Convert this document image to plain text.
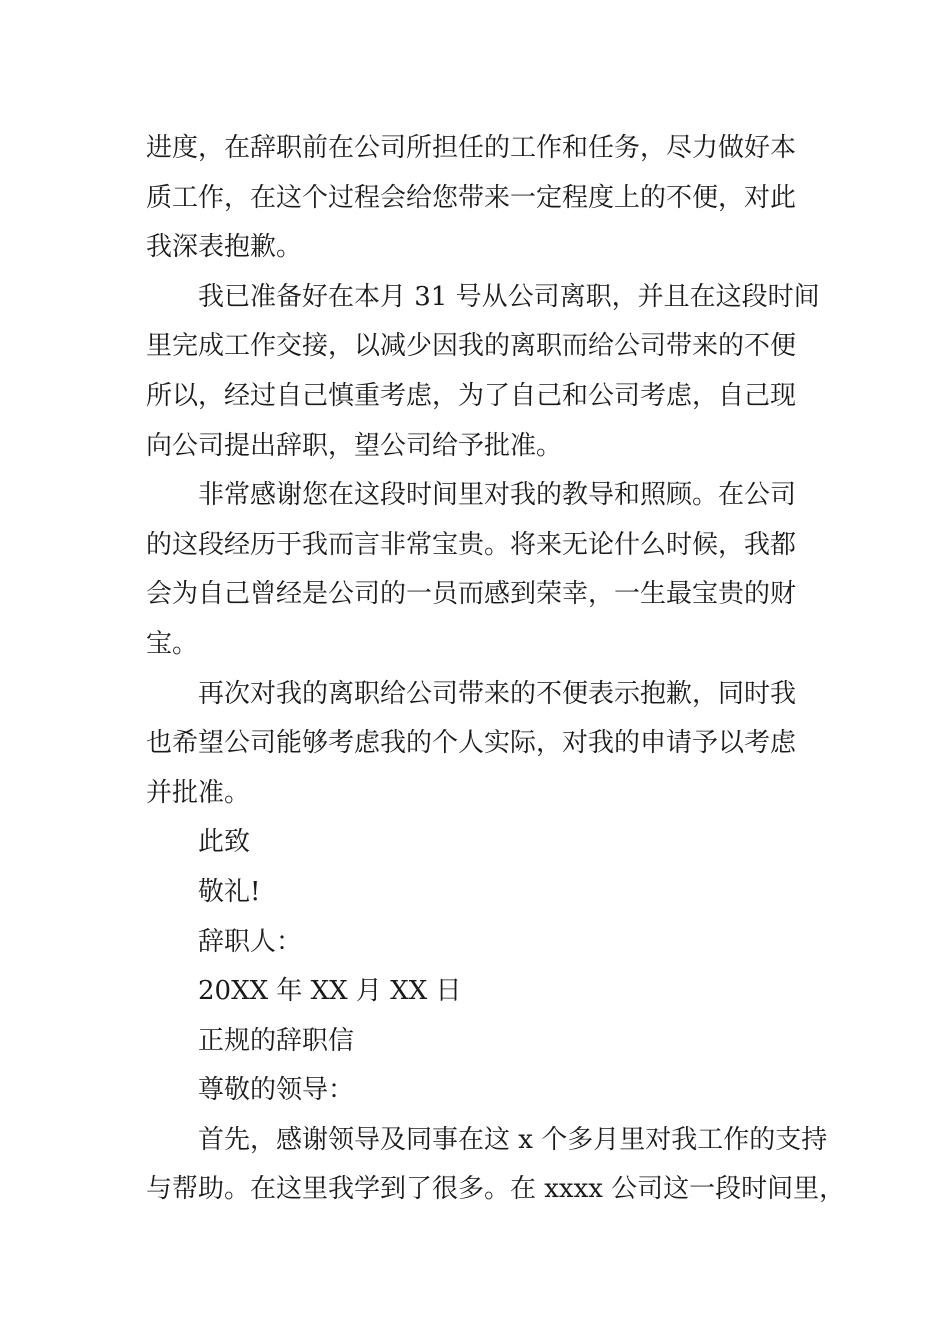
进度，在辞职前在公司所担任的工作和任务，尽力做好本
质工作，在这个过程会给您带来一定程度上的不便，对此
我深表抱歉。

我已准备好在本月 31 号从公司离职，并且在这段时间
里完成工作交接，以减少因我的离职而给公司带来的不便
所以，经过自己慎重考虑，为了自己和公司考虑，自己现
向公司提出辞职，望公司给予批准。

非常感谢您在这段时间里对我的教导和照顾。在公司
的这段经历于我而言非常宝贵。将来无论什么时候，我都
会为自己曾经是公司的一员而感到荣幸，一生最宝贵的财
宝。

再次对我的离职给公司带来的不便表示抱歉，同时我
也希望公司能够考虑我的个人实际，对我的申请予以考虑
并批准。

此致

敬礼!

辞职人：

20XX 年 XX 月 XX 日

正规的辞职信

尊敬的领导：

首先，感谢领导及同事在这 x 个多月里对我工作的支持
与帮助。在这里我学到了很多。在 xxxx 公司这一段时间里，
